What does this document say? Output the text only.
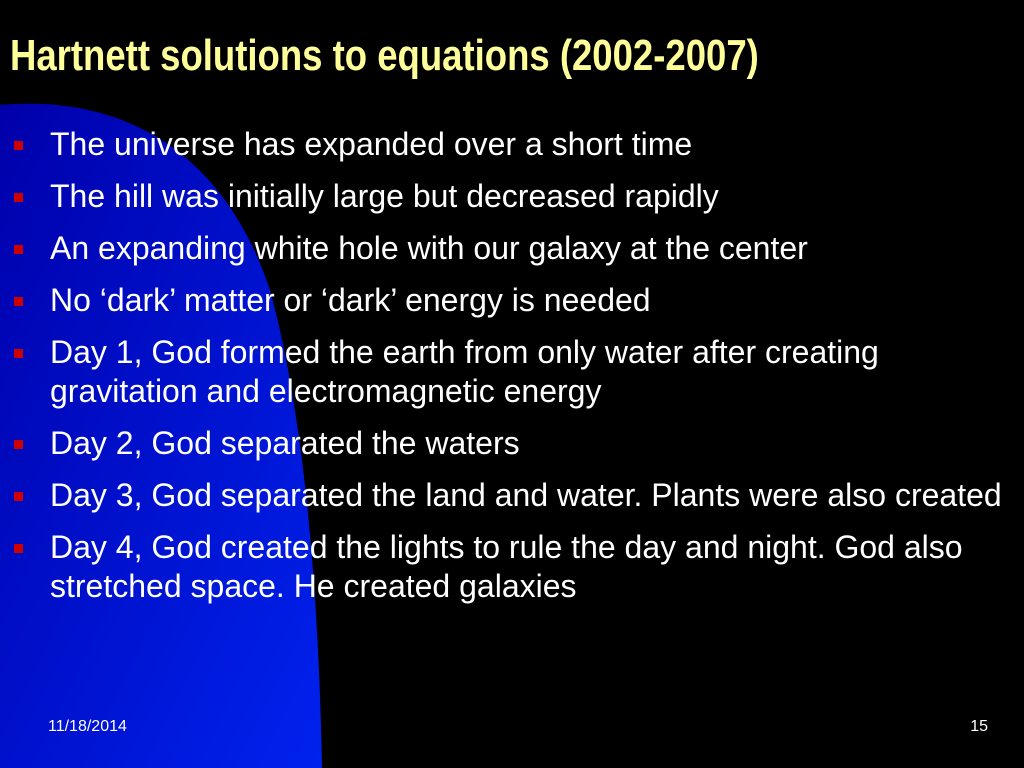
Hartnett solutions to equations (2002-2007)
The universe has expanded over a short time
The hill was initially large but decreased rapidly
An expanding white hole with our galaxy at the center
No ‘dark’ matter or ‘dark’ energy is needed
Day 1, God formed the earth from only water after creating gravitation and electromagnetic energy
Day 2, God separated the waters
Day 3, God separated the land and water. Plants were also created
Day 4, God created the lights to rule the day and night. God also stretched space. He created galaxies
11/18/2014	15
